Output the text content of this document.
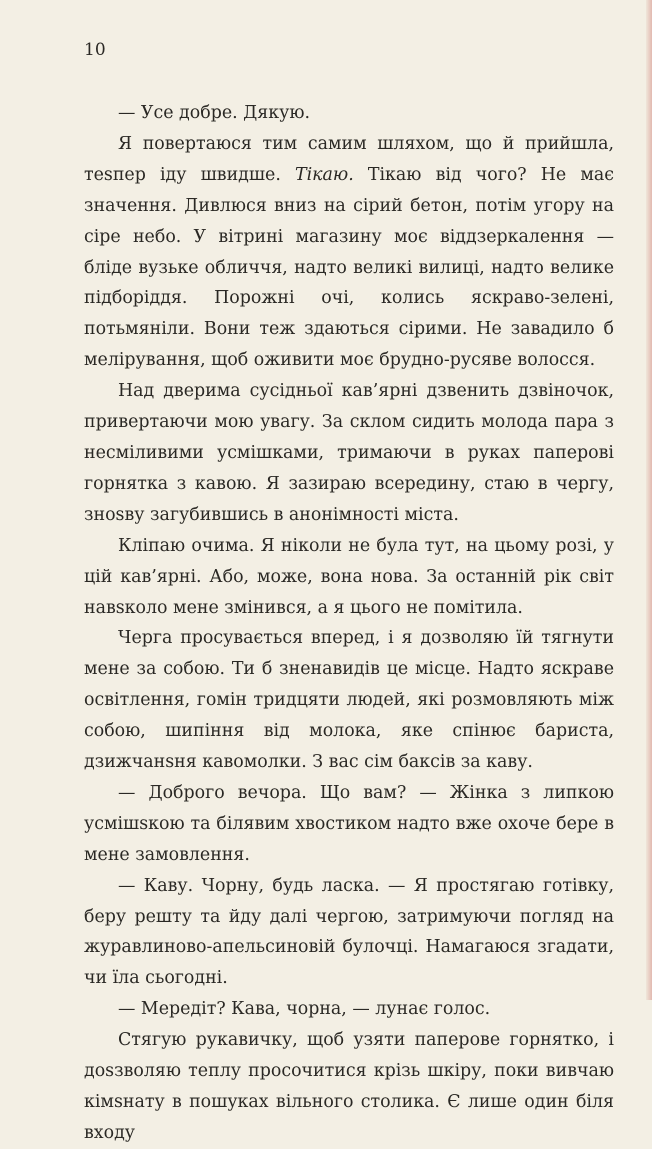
10

— Усе добре. Дякую.

Я повертаюся тим самим шляхом, що й прийшла, теѕпер іду швидше. Тікаю. Тікаю від чого? Не має значення. Дивлюся вниз на сірий бетон, потім угору на сіре небо. У вітрині магазину моє віддзеркалення — бліде вузьке обличчя, надто великі вилиці, надто велике підборіддя. Порожні очі, колись яскраво-зелені, потьмяніли. Вони теж здаються сірими. Не завадило б мелірування, щоб оживити моє брудно-русяве волосся.

Над дверима сусідньої кав’ярні дзвенить дзвіночок, привертаючи мою увагу. За склом сидить молода пара з несміливими усмішками, тримаючи в руках паперові горнятка з кавою. Я зазираю всередину, стаю в чергу, зноѕву загубившись в анонімності міста.

Кліпаю очима. Я ніколи не була тут, на цьому розі, у цій кав’ярні. Або, може, вона нова. За останній рік світ навѕколо мене змінився, а я цього не помітила.

Черга просувається вперед, і я дозволяю їй тягнути мене за собою. Ти б зненавидів це місце. Надто яскраве освітлення, гомін тридцяти людей, які розмовляють між собою, шипіння від молока, яке спінює бариста, дзижчанѕня кавомолки. З вас сім баксів за каву.

— Доброго вечора. Що вам? — Жінка з липкою усмішѕкою та білявим хвостиком надто вже охоче бере в мене замовлення.

— Каву. Чорну, будь ласка. — Я простягаю готівку, беру решту та йду далі чергою, затримуючи погляд на журавлиново-апельсиновій булочці. Намагаюся згадати, чи їла сьогодні.

— Мередіт? Кава, чорна, — лунає голос.

Стягую рукавичку, щоб узяти паперове горнятко, і доѕзволяю теплу просочитися крізь шкіру, поки вивчаю кімѕнату в пошуках вільного столика. Є лише один біля входу
